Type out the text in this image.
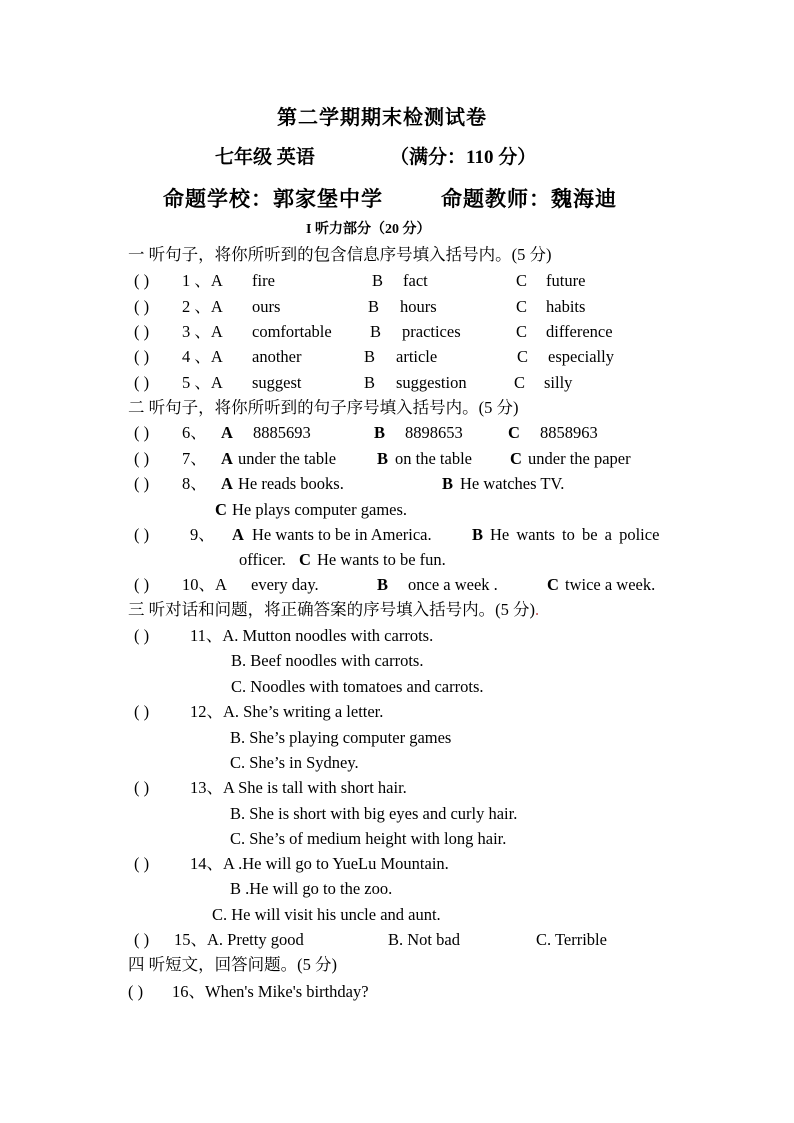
第二学期期末检测试卷
七年级 英语	（满分：110 分）
命题学校：郭家堡中学	命题教师：魏海迪
I 听力部分（20 分）
一 听句子，将你所听到的包含信息序号填入括号内。(5 分)
( ) 1 、A fire	B fact	C future
( ) 2 、A ours	B hours	C habits
( ) 3 、A comfortable B practices	C difference
( ) 4 、A another	B article	C especially
( ) 5 、A suggest	B suggestion	C silly
二 听句子，将你所听到的句子序号填入括号内。(5 分)
( ) 6、 A 8885693	B 8898653	C 8858963
( ) 7、 A under the table B on the table C under the paper
( ) 8、 A He reads books.	B He watches TV.
C He plays computer games.
( ) 9、 A He wants to be in America. B He wants to be a police
officer. C He wants to be fun.
( ) 10、A every day.	B once a week .	C twice a week.
三 听对话和问题，将正确答案的序号填入括号内。(5 分).
( ) 11、A. Mutton noodles with carrots.
B. Beef noodles with carrots.
C. Noodles with tomatoes and carrots.
( ) 12、A. She’s writing a letter.
B. She’s playing computer games
C. She’s in Sydney.
( ) 13、A She is tall with short hair.
B. She is short with big eyes and curly hair.
C. She’s of medium height with long hair.
( ) 14、A .He will go to YueLu Mountain.
B .He will go to the zoo.
C. He will visit his uncle and aunt.
( ) 15、A. Pretty good	B. Not bad	C. Terrible
四 听短文，回答问题。(5 分)
( ) 16、When's Mike's birthday?
